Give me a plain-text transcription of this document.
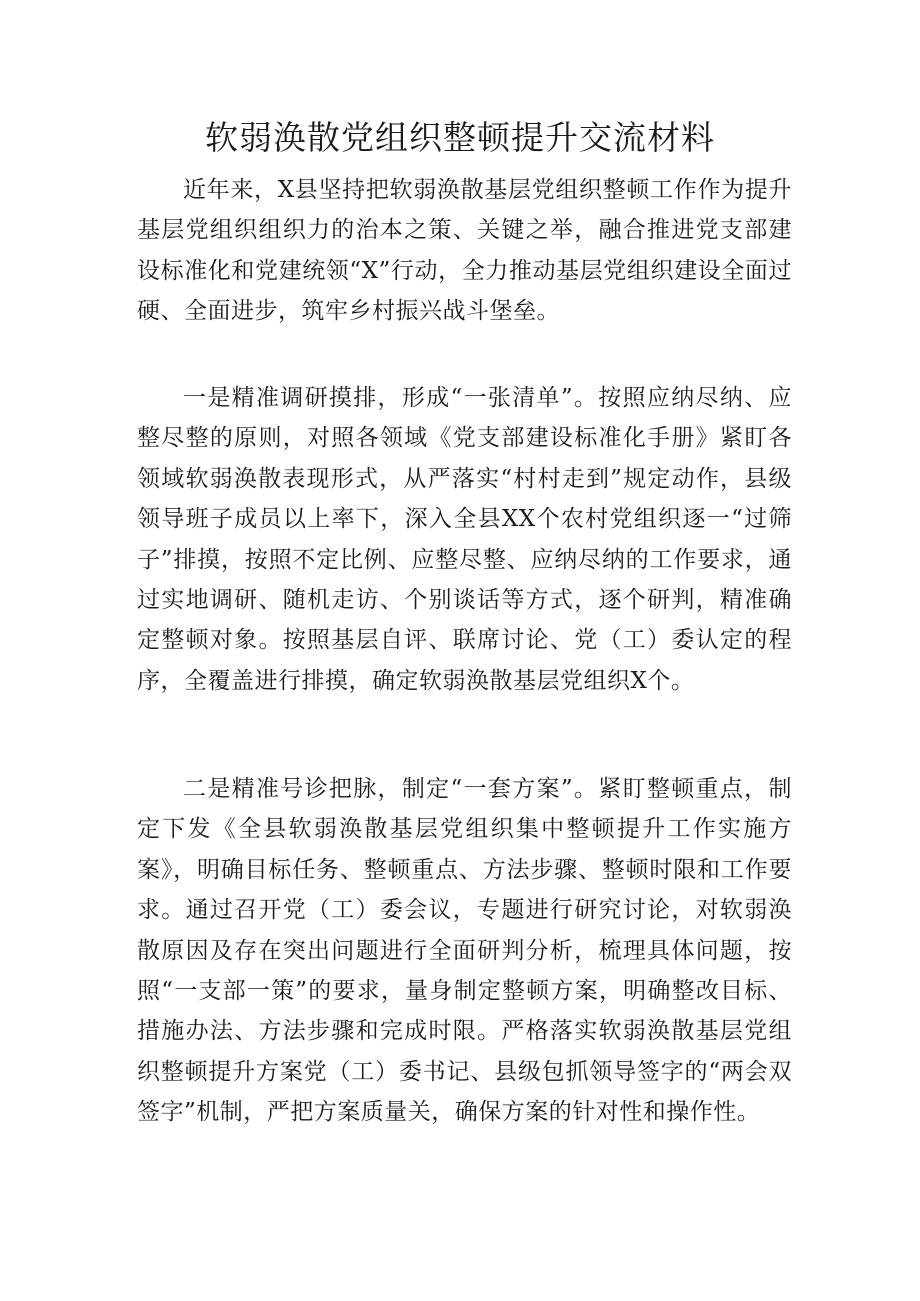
软弱涣散党组织整顿提升交流材料

近年来，X县坚持把软弱涣散基层党组织整顿工作作为提升基层党组织组织力的治本之策、关键之举，融合推进党支部建设标准化和党建统领“X”行动，全力推动基层党组织建设全面过硬、全面进步，筑牢乡村振兴战斗堡垒。

一是精准调研摸排，形成“一张清单”。按照应纳尽纳、应整尽整的原则，对照各领域《党支部建设标准化手册》紧盯各领域软弱涣散表现形式，从严落实“村村走到”规定动作，县级领导班子成员以上率下，深入全县XX个农村党组织逐一“过筛子”排摸，按照不定比例、应整尽整、应纳尽纳的工作要求，通过实地调研、随机走访、个别谈话等方式，逐个研判，精准确定整顿对象。按照基层自评、联席讨论、党（工）委认定的程序，全覆盖进行排摸，确定软弱涣散基层党组织X个。

二是精准号诊把脉，制定“一套方案”。紧盯整顿重点，制定下发《全县软弱涣散基层党组织集中整顿提升工作实施方案》，明确目标任务、整顿重点、方法步骤、整顿时限和工作要求。通过召开党（工）委会议，专题进行研究讨论，对软弱涣散原因及存在突出问题进行全面研判分析，梳理具体问题，按照“一支部一策”的要求，量身制定整顿方案，明确整改目标、措施办法、方法步骤和完成时限。严格落实软弱涣散基层党组织整顿提升方案党（工）委书记、县级包抓领导签字的“两会双签字”机制，严把方案质量关，确保方案的针对性和操作性。
